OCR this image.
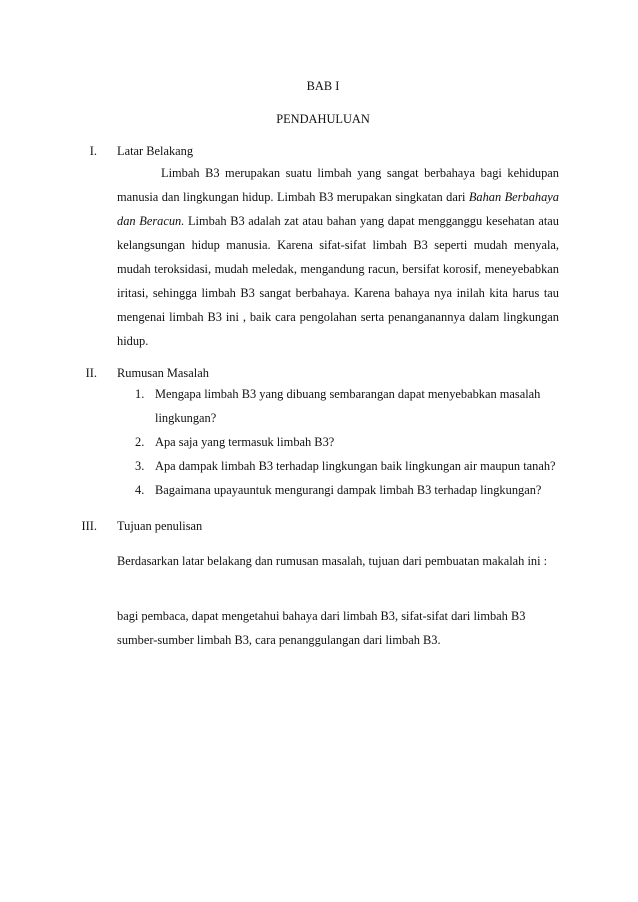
BAB I
PENDAHULUAN
I. Latar Belakang

Limbah B3 merupakan suatu limbah yang sangat berbahaya bagi kehidupan manusia dan lingkungan hidup. Limbah B3 merupakan singkatan dari Bahan Berbahaya dan Beracun. Limbah B3 adalah zat atau bahan yang dapat mengganggu kesehatan atau kelangsungan hidup manusia. Karena sifat-sifat limbah B3 seperti mudah menyala, mudah teroksidasi, mudah meledak, mengandung racun, bersifat korosif, meneyebabkan iritasi, sehingga limbah B3 sangat berbahaya. Karena bahaya nya inilah kita harus tau mengenai limbah B3 ini , baik cara pengolahan serta penanganannya dalam lingkungan hidup.

II. Rumusan Masalah
1. Mengapa limbah B3 yang dibuang sembarangan dapat menyebabkan masalah lingkungan?
2. Apa saja yang termasuk limbah B3?
3. Apa dampak limbah B3 terhadap lingkungan baik lingkungan air maupun tanah?
4. Bagaimana upayauntuk mengurangi dampak limbah B3 terhadap lingkungan?
III. Tujuan penulisan

Berdasarkan latar belakang dan rumusan masalah, tujuan dari pembuatan makalah ini :

bagi pembaca, dapat mengetahui bahaya dari limbah B3, sifat-sifat dari limbah B3 sumber-sumber limbah B3, cara penanggulangan dari limbah B3.
